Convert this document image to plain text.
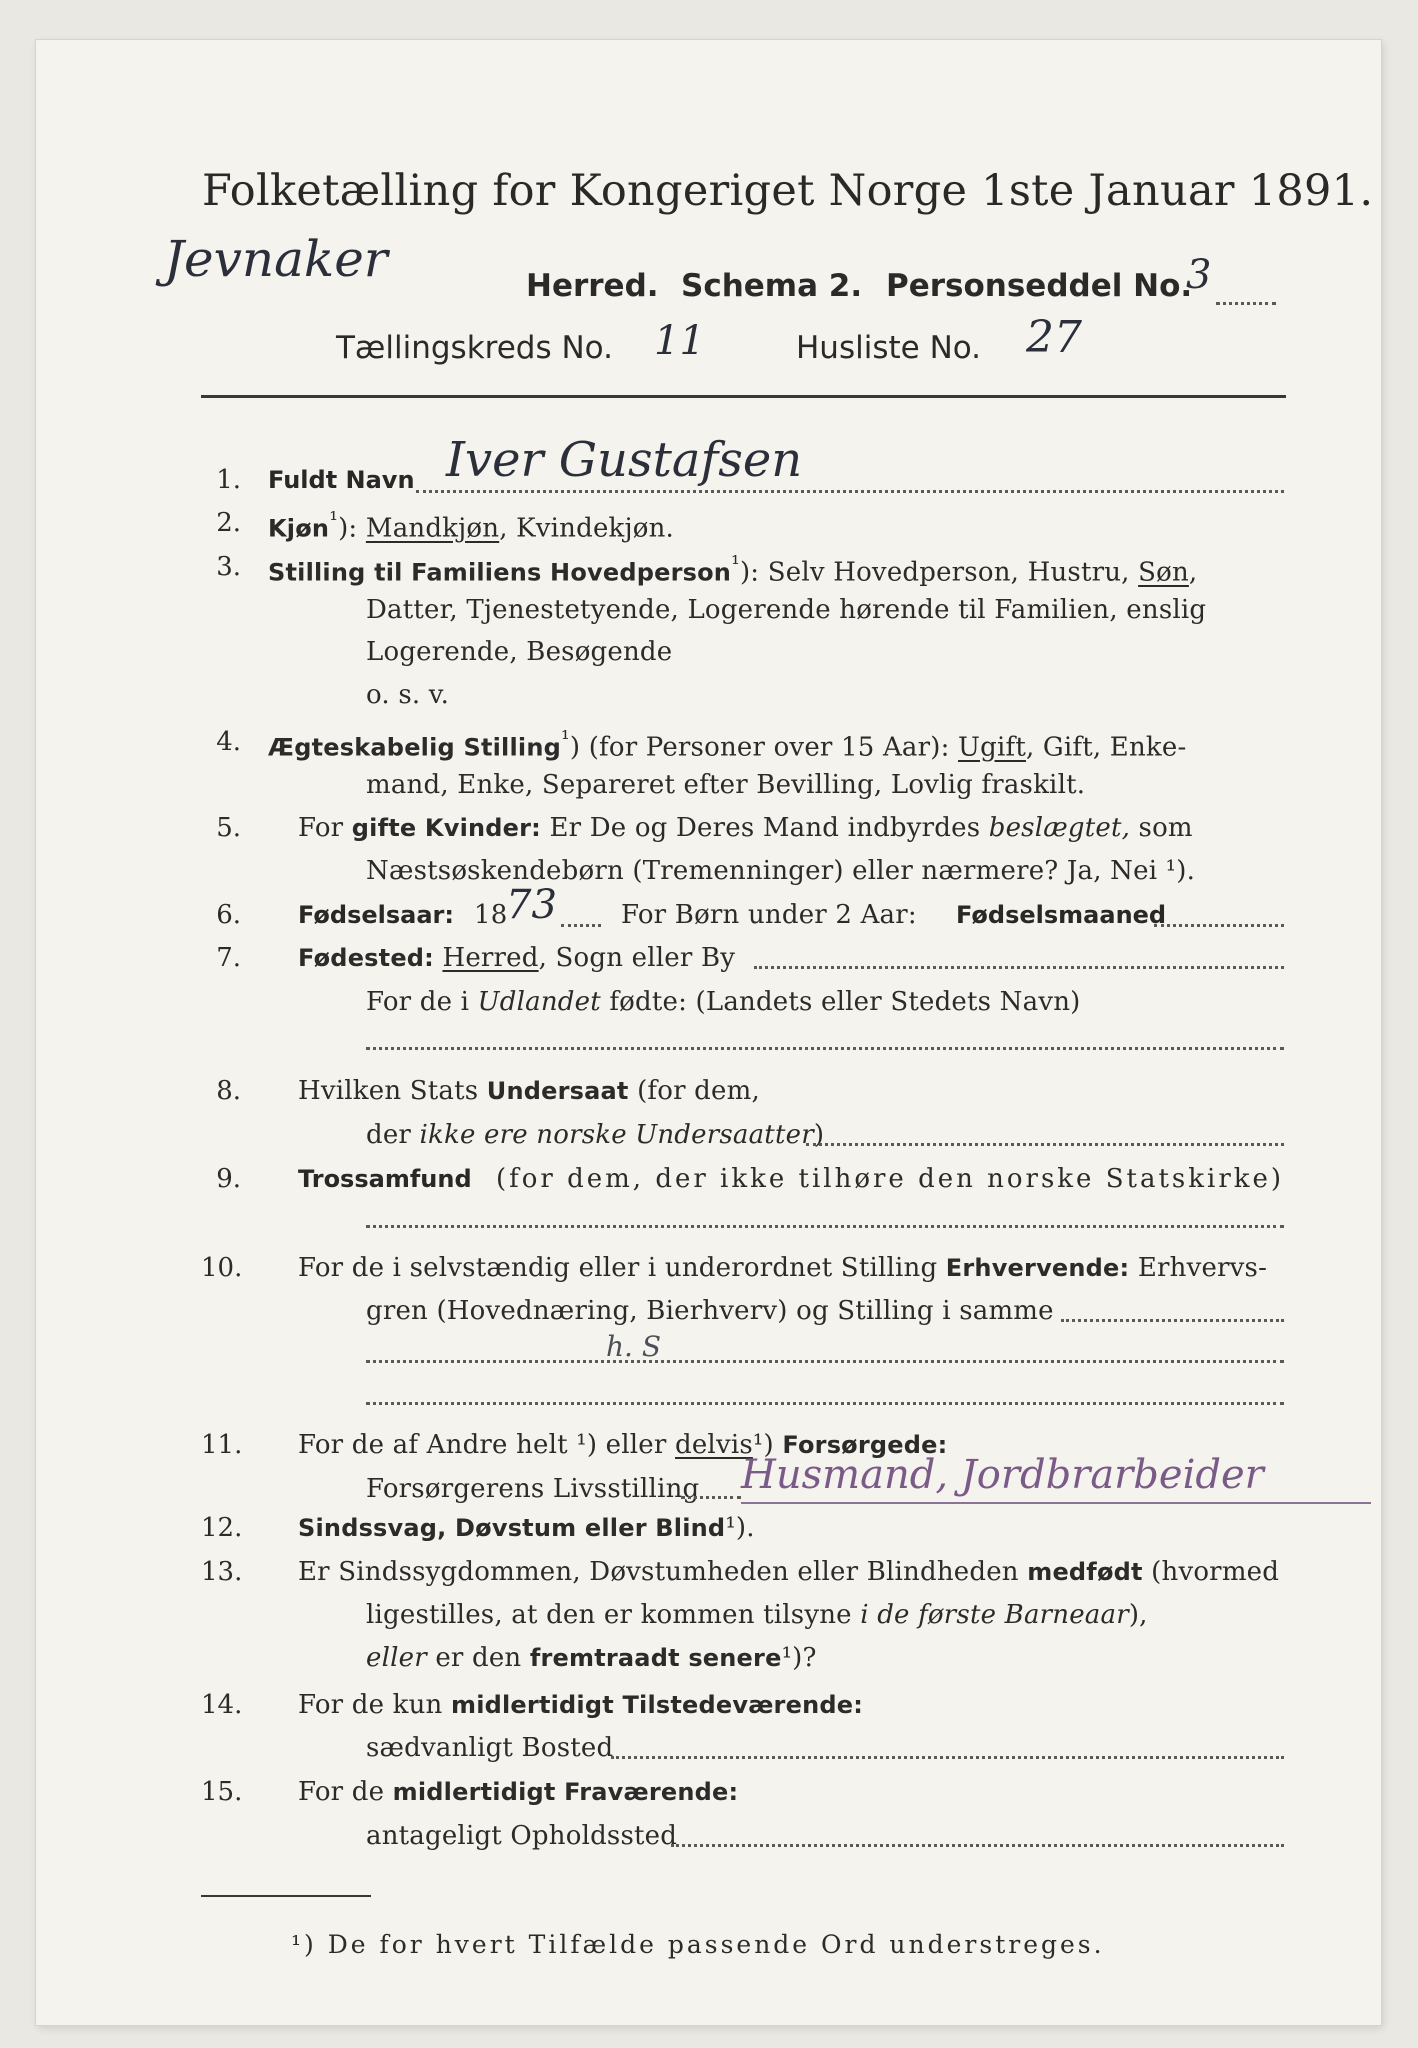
Folketælling for Kongeriget Norge 1ste Januar 1891.
Jevnaker	Herred. Schema 2. Personseddel No.
3
Tællingskreds No. 11	Husliste No. 27
1. Fuldt Navn Iver Gustafsen
2. Kjøn$^{^1}$): Mandkjøn, Kvindekjøn.
3. Stilling til Familiens Hovedperson$^{^1}$): Selv Hovedperson, Hustru, Søn,
Datter, Tjenestetyende, Logerende hørende til Familien, enslig
Logerende, Besøgende
o. s. v.
4. Ægteskabelig Stilling$^{^1}$) (for Personer over 15 Aar): Ugift, Gift, Enke-
mand, Enke, Separeret efter Bevilling, Lovlig fraskilt.
5. For gifte Kvinder: Er De og Deres Mand indbyrdes beslægtet, som
Næstsøskendebørn (Tremenninger) eller nærmere? Ja, Nei ¹).
6. Fødselsaar: 18
73 For Børn under 2 Aar: Fødselsmaaned
7. Fødested: Herred, Sogn eller By
For de i Udlandet fødte: (Landets eller Stedets Navn)
8. Hvilken Stats Undersaat (for dem,
der ikke ere norske Undersaatter)
9. Trossamfund (for dem, der ikke tilhøre den norske Statskirke)
10. For de i selvstændig eller i underordnet Stilling Erhvervende: Erhvervs-
gren (Hovednæring, Bierhverv) og Stilling i samme
h. S
11. For de af Andre helt ¹) eller delvis¹) Forsørgede:
Forsørgerens Livsstilling Husmand, Jordbrarbeider
12. Sindssvag, Døvstum eller Blind¹).
13. Er Sindssygdommen, Døvstumheden eller Blindheden medfødt (hvormed
ligestilles, at den er kommen tilsyne i de første Barneaar),
eller er den fremtraadt senere¹)?
14. For de kun midlertidigt Tilstedeværende:
sædvanligt Bosted
15. For de midlertidigt Fraværende:
antageligt Opholdssted
¹) De for hvert Tilfælde passende Ord understreges.
